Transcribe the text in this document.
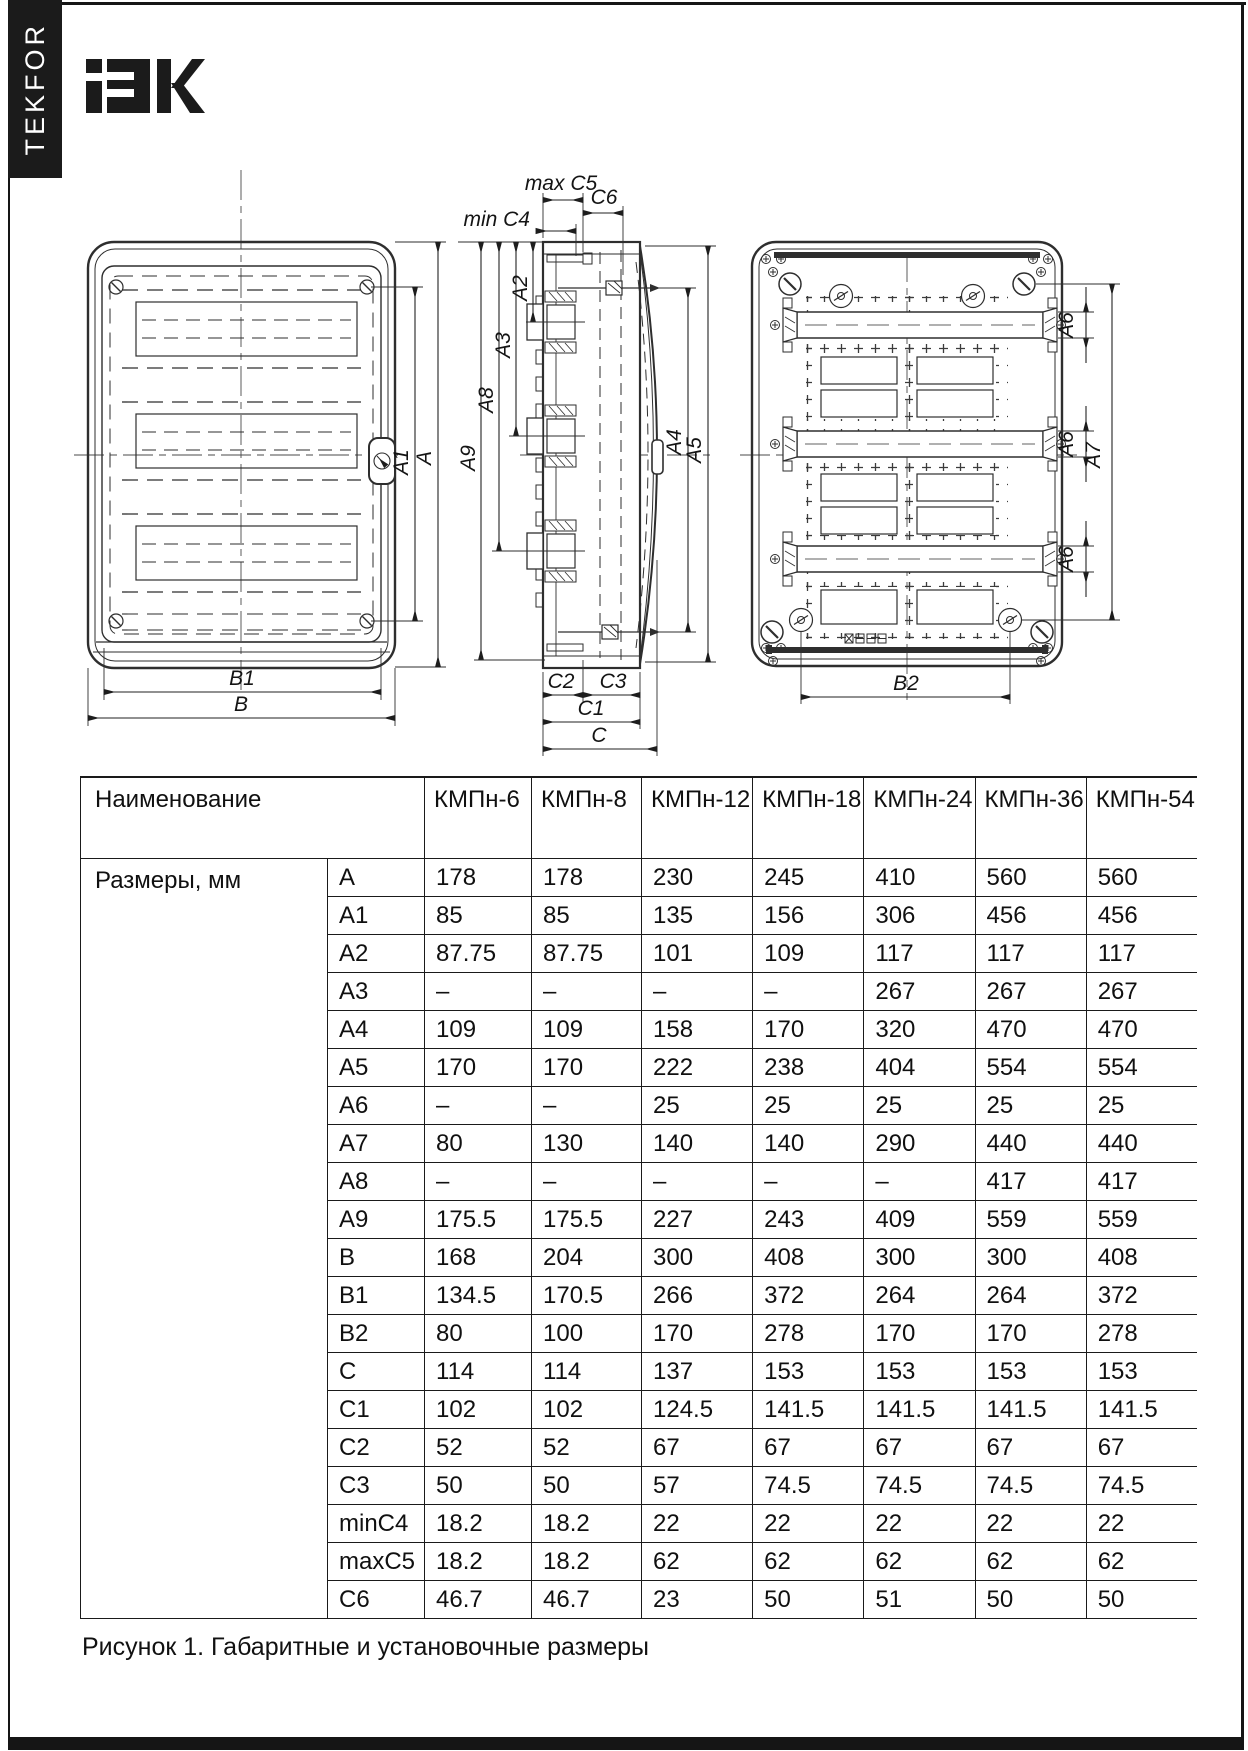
TEKFOR
A1 A
B1
B
max C5
C6
min C4
A2
A3
A8
A9
A4
A5
C2 C3
C1
C
A6
A6
A6
A7
B2
Наименование		КМПн-6	КМПн-8	КМПн-12	КМПн-18	КМПн-24	КМПн-36	КМПн-54
Размеры, мм	A	178	178	230	245	410	560	560
	A1	85	85	135	156	306	456	456
	A2	87.75	87.75	101	109	117	117	117
	A3	–	–	–	–	267	267	267
	A4	109	109	158	170	320	470	470
	A5	170	170	222	238	404	554	554
	A6	–	–	25	25	25	25	25
	A7	80	130	140	140	290	440	440
	A8	–	–	–	–	–	417	417
	A9	175.5	175.5	227	243	409	559	559
	B	168	204	300	408	300	300	408
	B1	134.5	170.5	266	372	264	264	372
	B2	80	100	170	278	170	170	278
	C	114	114	137	153	153	153	153
	C1	102	102	124.5	141.5	141.5	141.5	141.5
	C2	52	52	67	67	67	67	67
	C3	50	50	57	74.5	74.5	74.5	74.5
	minC4	18.2	18.2	22	22	22	22	22
	maxC5	18.2	18.2	62	62	62	62	62
	C6	46.7	46.7	23	50	51	50	50
Рисунок 1. Габаритные и установочные размеры
